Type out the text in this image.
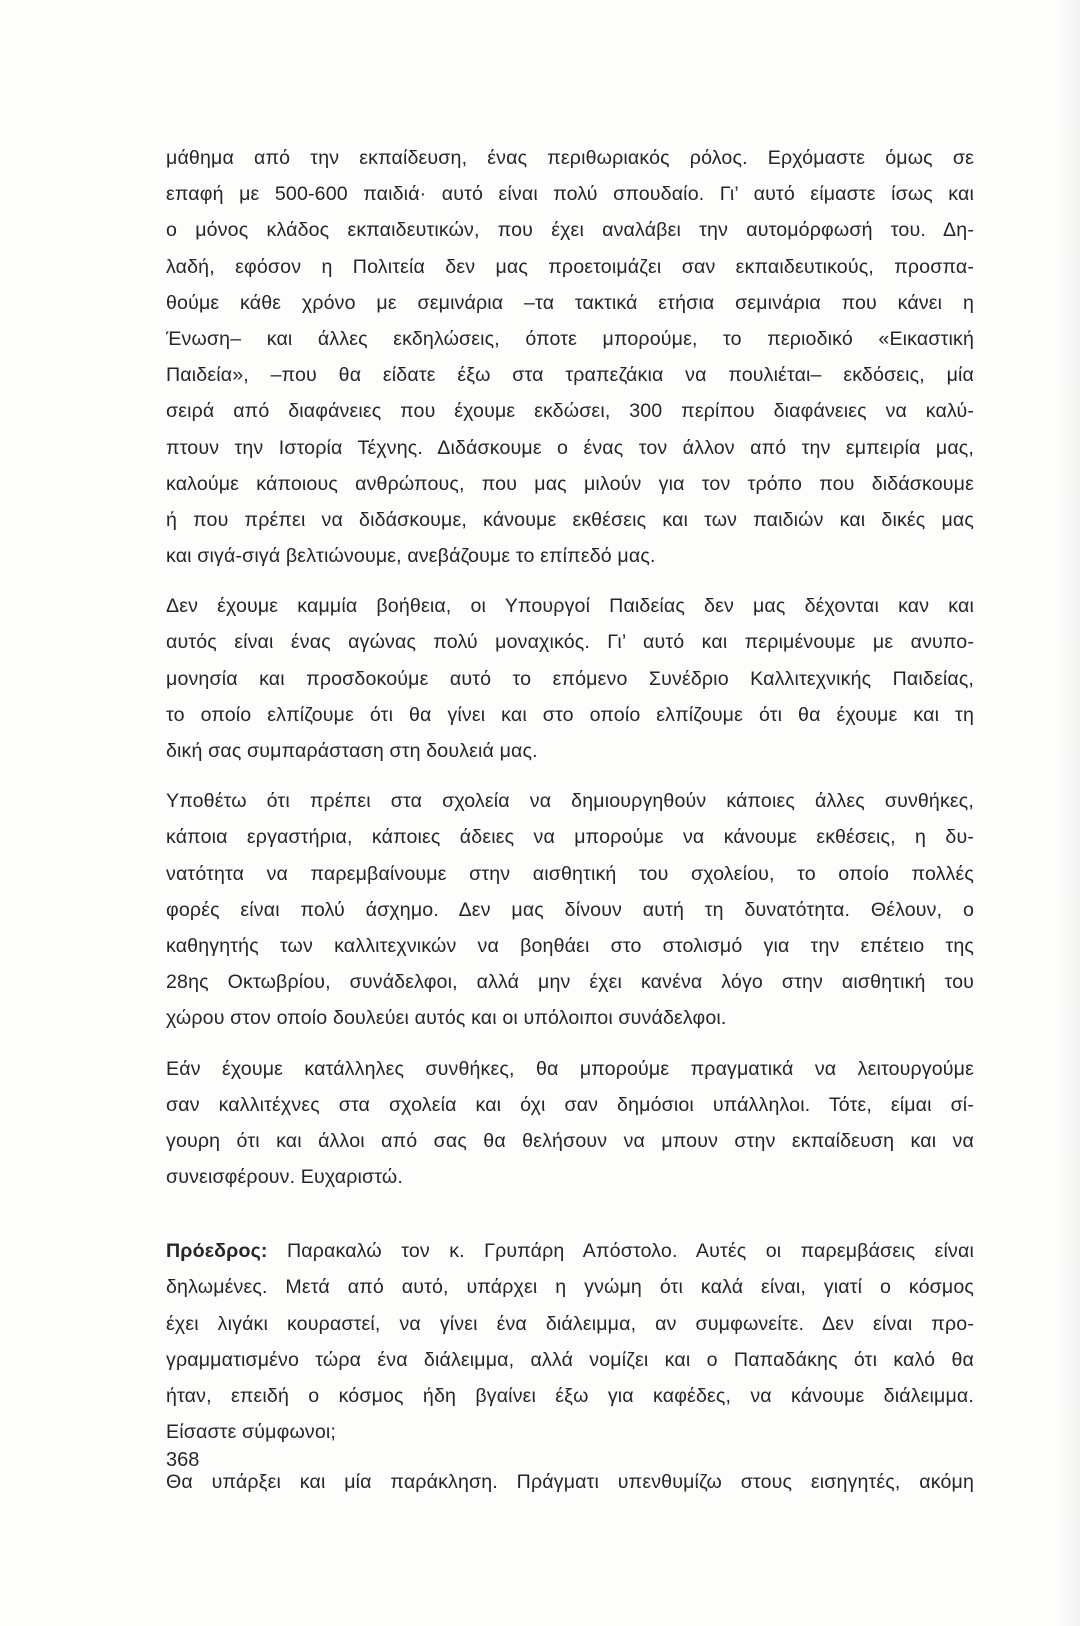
μάθημα από την εκπαίδευση, ένας περιθωριακός ρόλος. Ερχόμαστε όμως σε
επαφή με 500-600 παιδιά· αυτό είναι πολύ σπουδαίο. Γι’ αυτό είμαστε ίσως και
ο μόνος κλάδος εκπαιδευτικών, που έχει αναλάβει την αυτομόρφωσή του. Δη-
λαδή, εφόσον η Πολιτεία δεν μας προετοιμάζει σαν εκπαιδευτικούς, προσπα-
θούμε κάθε χρόνο με σεμινάρια –τα τακτικά ετήσια σεμινάρια που κάνει η
Ένωση– και άλλες εκδηλώσεις, όποτε μπορούμε, το περιοδικό «Εικαστική
Παιδεία», –που θα είδατε έξω στα τραπεζάκια να πουλιέται– εκδόσεις, μία
σειρά από διαφάνειες που έχουμε εκδώσει, 300 περίπου διαφάνειες να καλύ-
πτουν την Ιστορία Τέχνης. Διδάσκουμε ο ένας τον άλλον από την εμπειρία μας,
καλούμε κάποιους ανθρώπους, που μας μιλούν για τον τρόπο που διδάσκουμε
ή που πρέπει να διδάσκουμε, κάνουμε εκθέσεις και των παιδιών και δικές μας
και σιγά-σιγά βελτιώνουμε, ανεβάζουμε το επίπεδό μας.

Δεν έχουμε καμμία βοήθεια, οι Υπουργοί Παιδείας δεν μας δέχονται καν και
αυτός είναι ένας αγώνας πολύ μοναχικός. Γι’ αυτό και περιμένουμε με ανυπο-
μονησία και προσδοκούμε αυτό το επόμενο Συνέδριο Καλλιτεχνικής Παιδείας,
το οποίο ελπίζουμε ότι θα γίνει και στο οποίο ελπίζουμε ότι θα έχουμε και τη
δική σας συμπαράσταση στη δουλειά μας.

Υποθέτω ότι πρέπει στα σχολεία να δημιουργηθούν κάποιες άλλες συνθήκες,
κάποια εργαστήρια, κάποιες άδειες να μπορούμε να κάνουμε εκθέσεις, η δυ-
νατότητα να παρεμβαίνουμε στην αισθητική του σχολείου, το οποίο πολλές
φορές είναι πολύ άσχημο. Δεν μας δίνουν αυτή τη δυνατότητα. Θέλουν, ο
καθηγητής των καλλιτεχνικών να βοηθάει στο στολισμό για την επέτειο της
28ης Οκτωβρίου, συνάδελφοι, αλλά μην έχει κανένα λόγο στην αισθητική του
χώρου στον οποίο δουλεύει αυτός και οι υπόλοιποι συνάδελφοι.

Εάν έχουμε κατάλληλες συνθήκες, θα μπορούμε πραγματικά να λειτουργούμε
σαν καλλιτέχνες στα σχολεία και όχι σαν δημόσιοι υπάλληλοι. Τότε, είμαι σί-
γουρη ότι και άλλοι από σας θα θελήσουν να μπουν στην εκπαίδευση και να
συνεισφέρουν. Ευχαριστώ.

Πρόεδρος: Παρακαλώ τον κ. Γρυπάρη Απόστολο. Αυτές οι παρεμβάσεις είναι
δηλωμένες. Μετά από αυτό, υπάρχει η γνώμη ότι καλά είναι, γιατί ο κόσμος
έχει λιγάκι κουραστεί, να γίνει ένα διάλειμμα, αν συμφωνείτε. Δεν είναι προ-
γραμματισμένο τώρα ένα διάλειμμα, αλλά νομίζει και ο Παπαδάκης ότι καλό θα
ήταν, επειδή ο κόσμος ήδη βγαίνει έξω για καφέδες, να κάνουμε διάλειμμα.
Είσαστε σύμφωνοι;

Θα υπάρξει και μία παράκληση. Πράγματι υπενθυμίζω στους εισηγητές, ακόμη

368
